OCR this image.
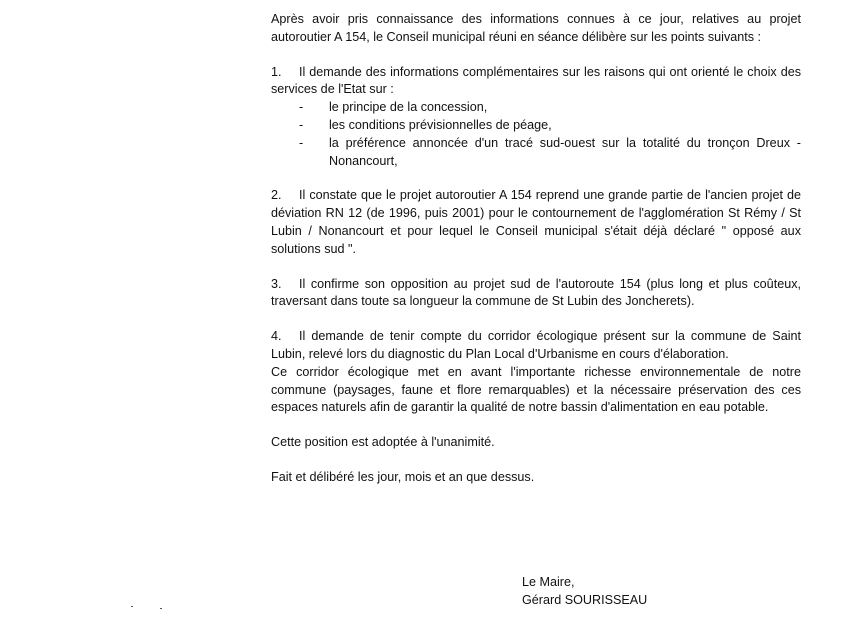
Après avoir pris connaissance des informations connues à ce jour, relatives au projet autoroutier A 154, le Conseil municipal réuni en séance délibère sur les points suivants :

1. Il demande des informations complémentaires sur les raisons qui ont orienté le choix des services de l'Etat sur :

- le principe de la concession,
- les conditions prévisionnelles de péage,
- la préférence annoncée d'un tracé sud-ouest sur la totalité du tronçon Dreux - Nonancourt,

2. Il constate que le projet autoroutier A 154 reprend une grande partie de l'ancien projet de déviation RN 12 (de 1996, puis 2001) pour le contournement de l'agglomération St Rémy / St Lubin / Nonancourt et pour lequel le Conseil municipal s'était déjà déclaré " opposé aux solutions sud ".

3. Il confirme son opposition au projet sud de l'autoroute 154 (plus long et plus coûteux, traversant dans toute sa longueur la commune de St Lubin des Joncherets).

4. Il demande de tenir compte du corridor écologique présent sur la commune de Saint Lubin, relevé lors du diagnostic du Plan Local d'Urbanisme en cours d'élaboration.

Ce corridor écologique met en avant l'importante richesse environnementale de notre commune (paysages, faune et flore remarquables) et la nécessaire préservation des ces espaces naturels afin de garantir la qualité de notre bassin d'alimentation en eau potable.

Cette position est adoptée à l'unanimité.

Fait et délibéré les jour, mois et an que dessus.

Le Maire,
Gérard SOURISSEAU
